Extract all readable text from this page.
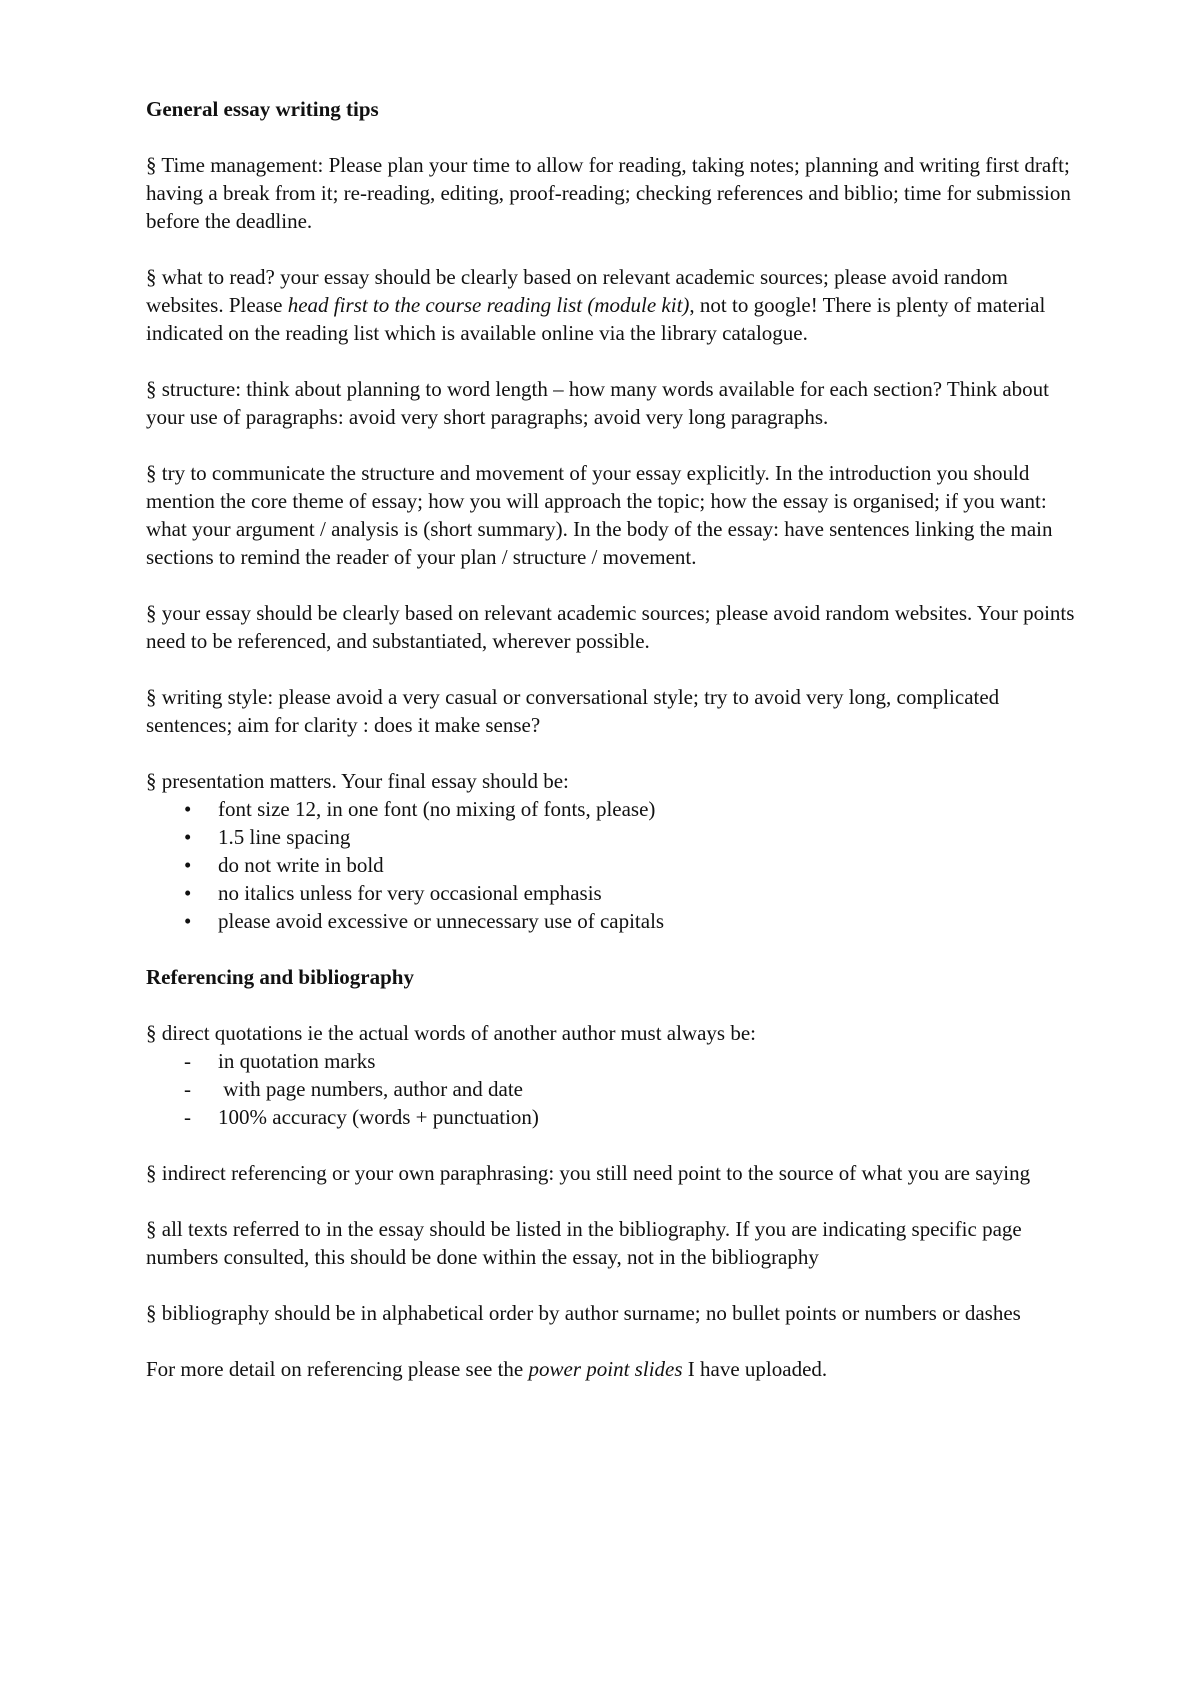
General essay writing tips

§ Time management: Please plan your time to allow for reading, taking notes; planning and writing first draft; having a break from it; re-reading, editing, proof-reading; checking references and biblio; time for submission before the deadline.

§ what to read? your essay should be clearly based on relevant academic sources; please avoid random websites. Please head first to the course reading list (module kit), not to google! There is plenty of material indicated on the reading list which is available online via the library catalogue.

§ structure: think about planning to word length – how many words available for each section? Think about your use of paragraphs: avoid very short paragraphs; avoid very long paragraphs.

§ try to communicate the structure and movement of your essay explicitly. In the introduction you should mention the core theme of essay; how you will approach the topic; how the essay is organised; if you want: what your argument / analysis is (short summary). In the body of the essay: have sentences linking the main sections to remind the reader of your plan / structure / movement.

§ your essay should be clearly based on relevant academic sources; please avoid random websites. Your points need to be referenced, and substantiated, wherever possible.

§ writing style: please avoid a very casual or conversational style; try to avoid very long, complicated sentences; aim for clarity : does it make sense?

§ presentation matters. Your final essay should be:

• font size 12, in one font (no mixing of fonts, please)
• 1.5 line spacing
• do not write in bold
• no italics unless for very occasional emphasis
• please avoid excessive or unnecessary use of capitals
Referencing and bibliography

§ direct quotations ie the actual words of another author must always be:

- in quotation marks
- with page numbers, author and date
- 100% accuracy (words + punctuation)

§ indirect referencing or your own paraphrasing: you still need point to the source of what you are saying

§ all texts referred to in the essay should be listed in the bibliography. If you are indicating specific page numbers consulted, this should be done within the essay, not in the bibliography

§ bibliography should be in alphabetical order by author surname; no bullet points or numbers or dashes

For more detail on referencing please see the power point slides I have uploaded.
